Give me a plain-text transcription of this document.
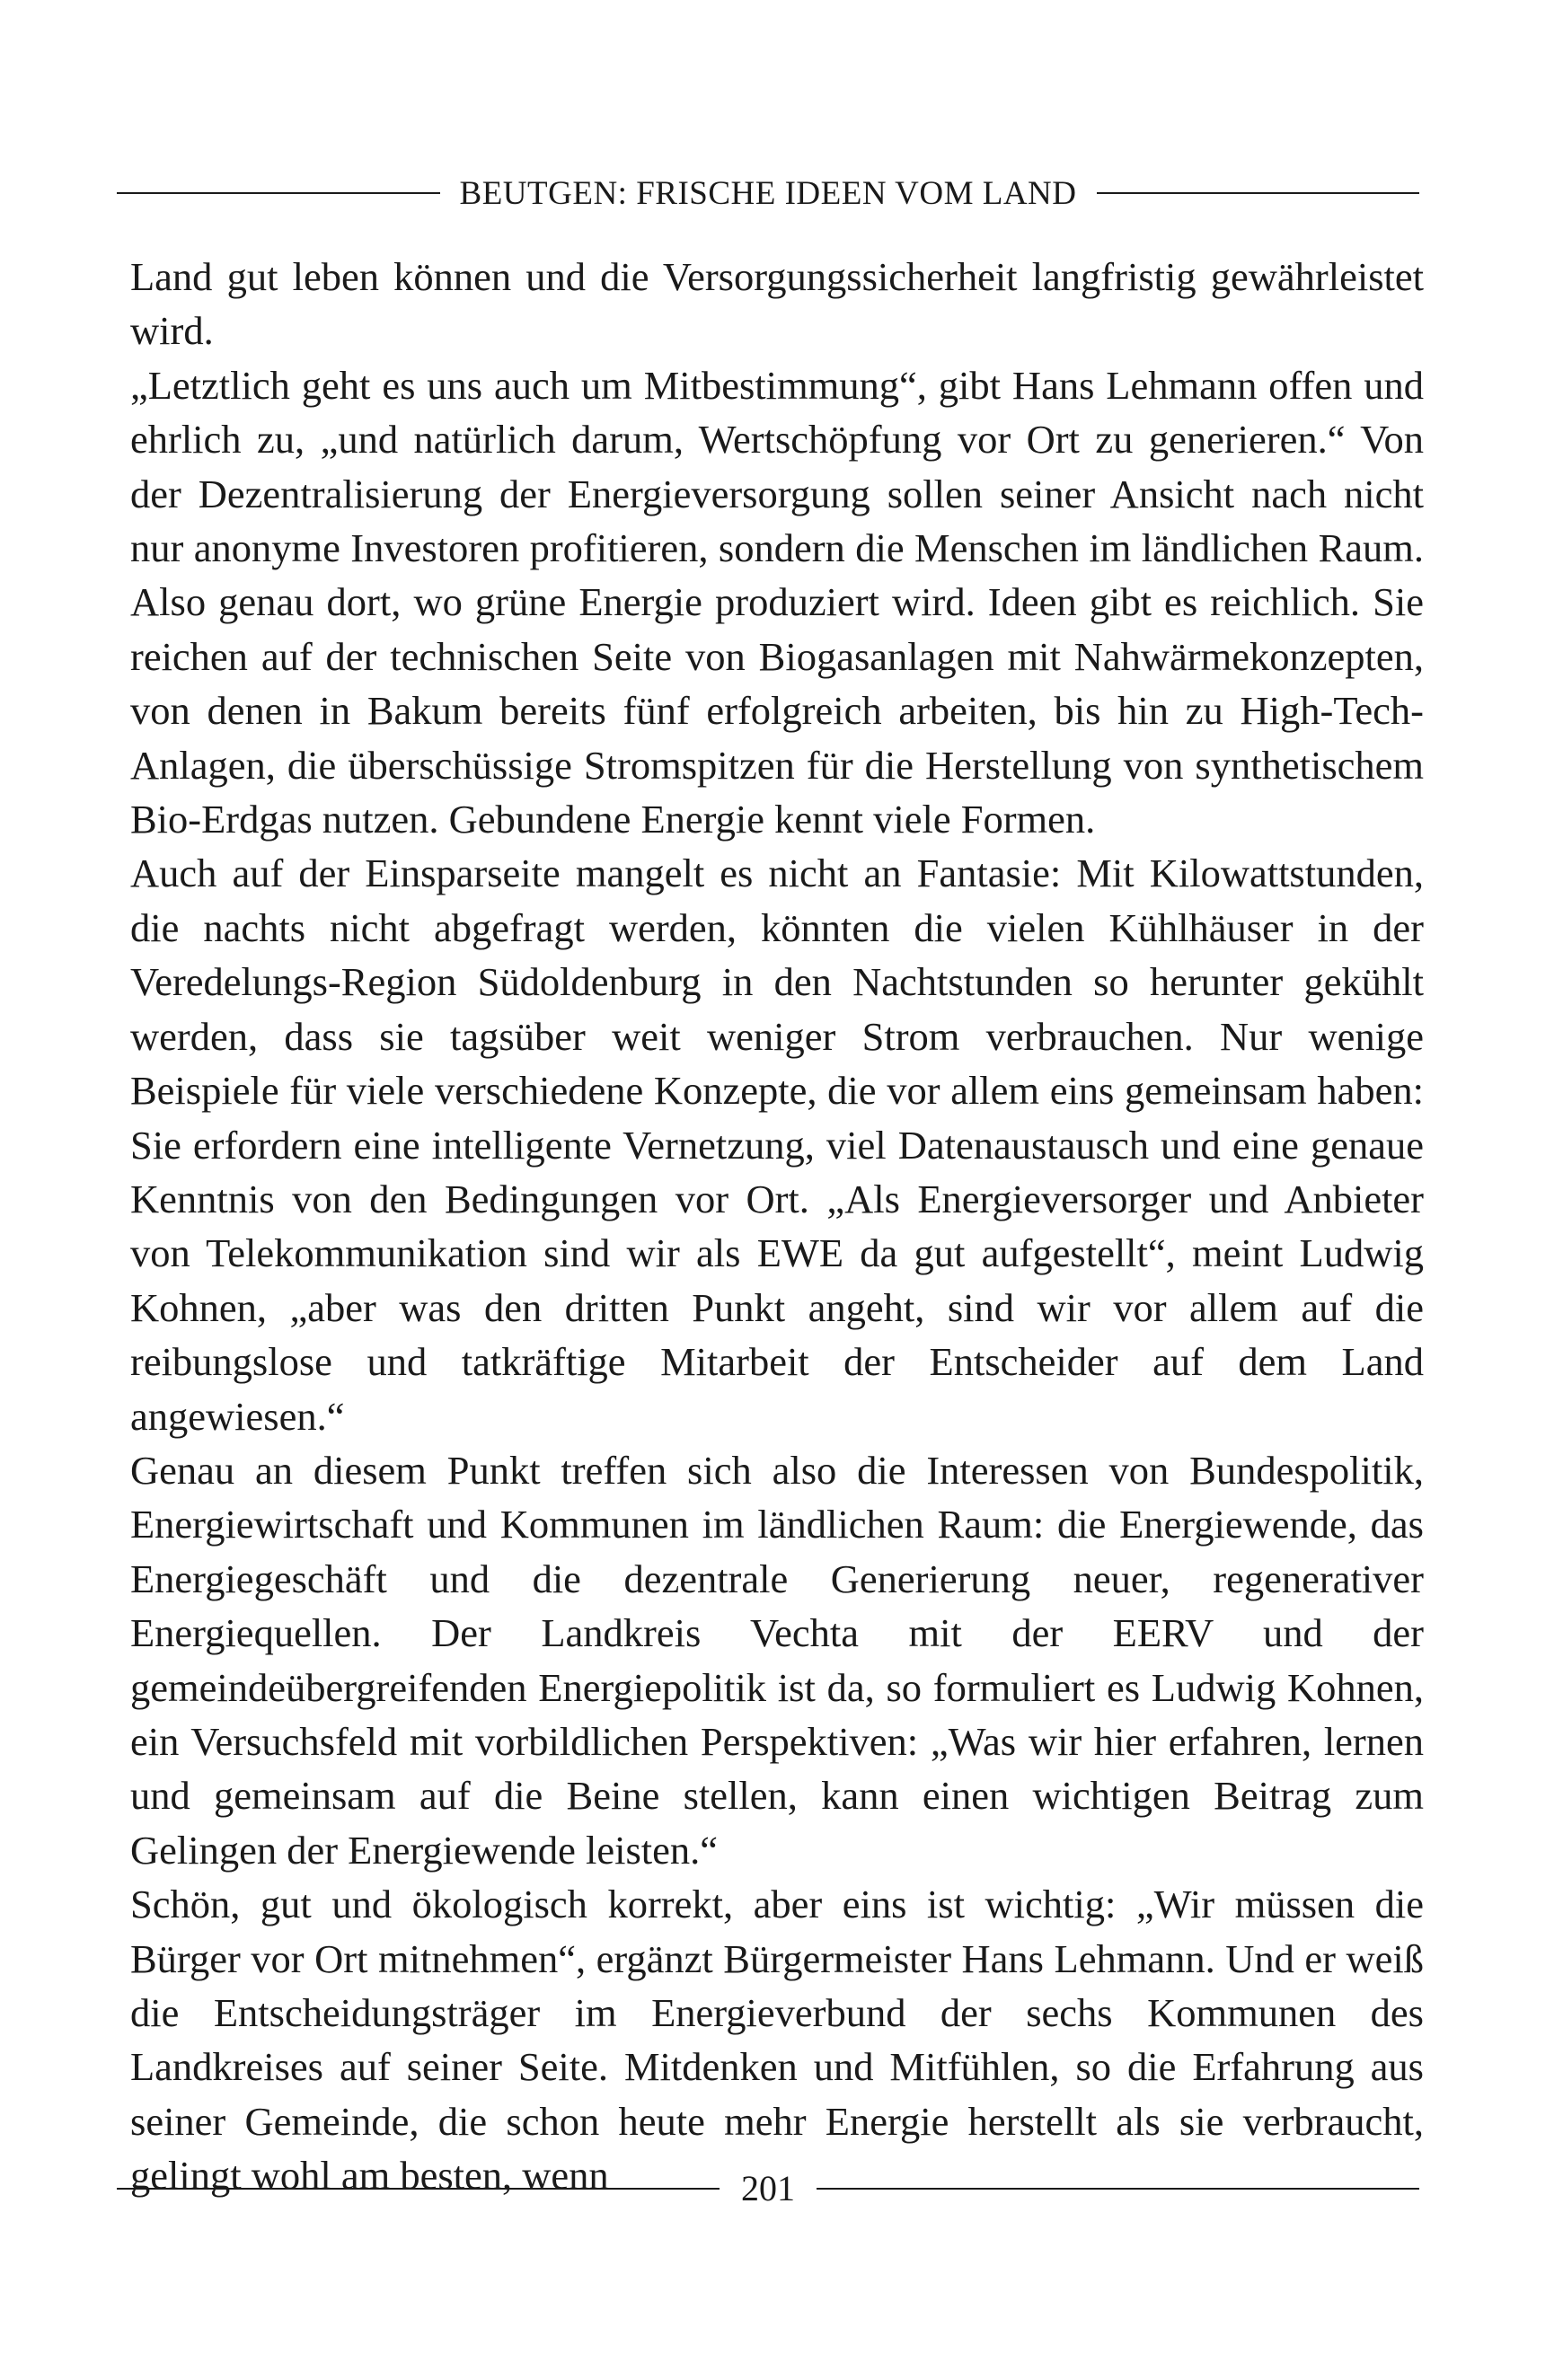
BEUTGEN: FRISCHE IDEEN VOM LAND

Land gut leben können und die Versorgungssicherheit langfristig gewährleistet wird.

„Letztlich geht es uns auch um Mitbestimmung“, gibt Hans Lehmann offen und ehrlich zu, „und natürlich darum, Wertschöpfung vor Ort zu generieren.“ Von der Dezentralisierung der Energieversorgung sollen seiner Ansicht nach nicht nur anonyme Investoren profitieren, sondern die Menschen im ländlichen Raum. Also genau dort, wo grüne Energie produziert wird. Ideen gibt es reichlich. Sie reichen auf der technischen Seite von Biogasanlagen mit Nahwärmekonzepten, von denen in Bakum bereits fünf erfolgreich arbeiten, bis hin zu High-Tech-Anlagen, die überschüssige Stromspitzen für die Herstellung von synthetischem Bio-Erdgas nutzen. Gebundene Energie kennt viele Formen.

Auch auf der Einsparseite mangelt es nicht an Fantasie: Mit Kilowattstunden, die nachts nicht abgefragt werden, könnten die vielen Kühlhäuser in der Veredelungs-Region Südoldenburg in den Nachtstunden so herunter gekühlt werden, dass sie tagsüber weit weniger Strom verbrauchen. Nur wenige Beispiele für viele verschiedene Konzepte, die vor allem eins gemeinsam haben: Sie erfordern eine intelligente Vernetzung, viel Datenaustausch und eine genaue Kenntnis von den Bedingungen vor Ort. „Als Energieversorger und Anbieter von Telekommunikation sind wir als EWE da gut aufgestellt“, meint Ludwig Kohnen, „aber was den dritten Punkt angeht, sind wir vor allem auf die reibungslose und tatkräftige Mitarbeit der Entscheider auf dem Land angewiesen.“

Genau an diesem Punkt treffen sich also die Interessen von Bundespolitik, Energiewirtschaft und Kommunen im ländlichen Raum: die Energiewende, das Energiegeschäft und die dezentrale Generierung neuer, regenerativer Energiequellen. Der Landkreis Vechta mit der EERV und der gemeindeübergreifenden Energiepolitik ist da, so formuliert es Ludwig Kohnen, ein Versuchsfeld mit vorbildlichen Perspektiven: „Was wir hier erfahren, lernen und gemeinsam auf die Beine stellen, kann einen wichtigen Beitrag zum Gelingen der Energiewende leisten.“

Schön, gut und ökologisch korrekt, aber eins ist wichtig: „Wir müssen die Bürger vor Ort mitnehmen“, ergänzt Bürgermeister Hans Lehmann. Und er weiß die Entscheidungsträger im Energieverbund der sechs Kommunen des Landkreises auf seiner Seite. Mitdenken und Mitfühlen, so die Erfahrung aus seiner Gemeinde, die schon heute mehr Energie herstellt als sie verbraucht, gelingt wohl am besten, wenn	201
